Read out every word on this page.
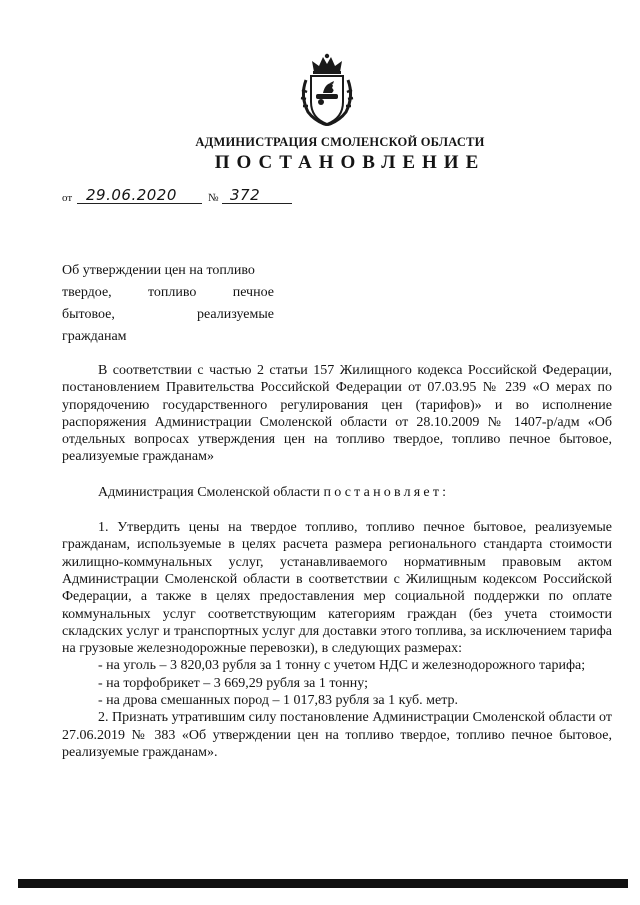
АДМИНИСТРАЦИЯ СМОЛЕНСКОЙ ОБЛАСТИ
ПОСТАНОВЛЕНИЕ
от 29.06.2020	№ 372
Об утверждении цен на топливо
твердое,	топливо	печное
бытовое,	реализуемые
гражданам

В соответствии с частью 2 статьи 157 Жилищного кодекса Российской Федерации, постановлением Правительства Российской Федерации от 07.03.95 № 239 «О мерах по упорядочению государственного регулирования цен (тарифов)» и во исполнение распоряжения Администрации Смоленской области от 28.10.2009 № 1407-р/адм «Об отдельных вопросах утверждения цен на топливо твердое, топливо печное бытовое, реализуемые гражданам»

Администрация Смоленской области постановляет:

1. Утвердить цены на твердое топливо, топливо печное бытовое, реализуемые гражданам, используемые в целях расчета размера регионального стандарта стоимости жилищно-коммунальных услуг, устанавливаемого нормативным правовым актом Администрации Смоленской области в соответствии с Жилищным кодексом Российской Федерации, а также в целях предоставления мер социальной поддержки по оплате коммунальных услуг соответствующим категориям граждан (без учета стоимости складских услуг и транспортных услуг для доставки этого топлива, за исключением тарифа на грузовые железнодорожные перевозки), в следующих размерах:

- на уголь – 3 820,03 рубля за 1 тонну с учетом НДС и железнодорожного тарифа;

- на торфобрикет – 3 669,29 рубля за 1 тонну;

- на дрова смешанных пород – 1 017,83 рубля за 1 куб. метр.

2. Признать утратившим силу постановление Администрации Смоленской области от 27.06.2019 № 383 «Об утверждении цен на топливо твердое, топливо печное бытовое, реализуемые гражданам».
